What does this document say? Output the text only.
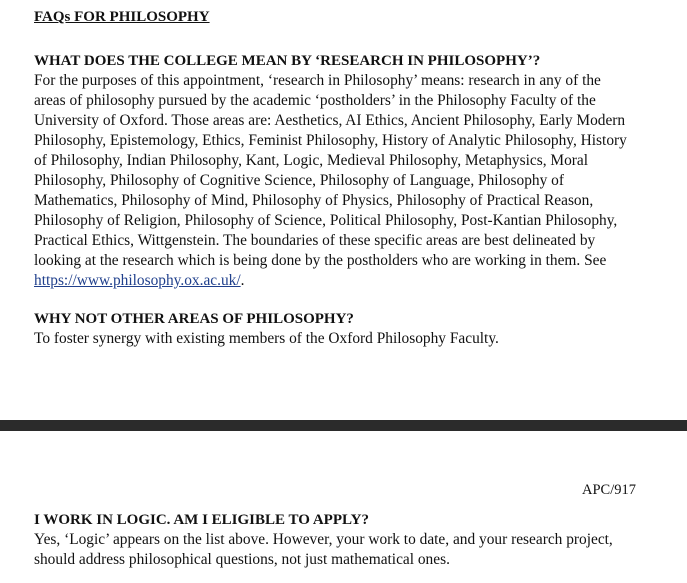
FAQs FOR PHILOSOPHY

WHAT DOES THE COLLEGE MEAN BY ‘RESEARCH IN PHILOSOPHY’?

For the purposes of this appointment, ‘research in Philosophy’ means: research in any of the
areas of philosophy pursued by the academic ‘postholders’ in the Philosophy Faculty of the
University of Oxford. Those areas are: Aesthetics, AI Ethics, Ancient Philosophy, Early Modern
Philosophy, Epistemology, Ethics, Feminist Philosophy, History of Analytic Philosophy, History
of Philosophy, Indian Philosophy, Kant, Logic, Medieval Philosophy, Metaphysics, Moral
Philosophy, Philosophy of Cognitive Science, Philosophy of Language, Philosophy of
Mathematics, Philosophy of Mind, Philosophy of Physics, Philosophy of Practical Reason,
Philosophy of Religion, Philosophy of Science, Political Philosophy, Post-Kantian Philosophy,
Practical Ethics, Wittgenstein. The boundaries of these specific areas are best delineated by
looking at the research which is being done by the postholders who are working in them. See
https://www.philosophy.ox.ac.uk/.

WHY NOT OTHER AREAS OF PHILOSOPHY?

To foster synergy with existing members of the Oxford Philosophy Faculty.

APC/917

I WORK IN LOGIC. AM I ELIGIBLE TO APPLY?

Yes, ‘Logic’ appears on the list above. However, your work to date, and your research project,
should address philosophical questions, not just mathematical ones.
